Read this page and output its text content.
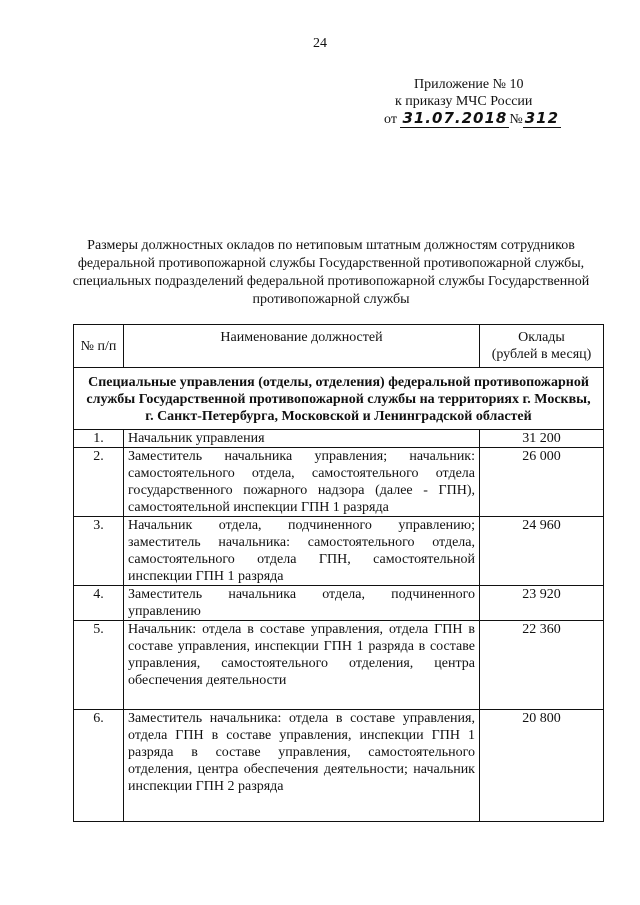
24
Приложение № 10
к приказу МЧС России
от 31.07.2018 № 312
Размеры должностных окладов по нетиповым штатным должностям сотрудников федеральной противопожарной службы Государственной противопожарной службы, специальных подразделений федеральной противопожарной службы Государственной противопожарной службы
№ п/п	Наименование должностей	Оклады
(рублей в месяц)

Специальные управления (отделы, отделения) федеральной противопожарной службы Государственной противопожарной службы на территориях г. Москвы, г. Санкт-Петербурга, Московской и Ленинградской областей		
1.	Начальник управления	31 200
2.	Заместитель начальника управления; начальник: самостоятельного отдела, самостоятельного отдела государственного пожарного надзора (далее - ГПН), самостоятельной инспекции ГПН 1 разряда	26 000
3.	Начальник отдела, подчиненного управлению; заместитель начальника: самостоятельного отдела, самостоятельного отдела ГПН, самостоятельной инспекции ГПН 1 разряда	24 960
4.	Заместитель начальника отдела, подчиненного управлению	23 920
5.	Начальник: отдела в составе управления, отдела ГПН в составе управления, инспекции ГПН 1 разряда в составе управления, самостоятельного отделения, центра обеспечения деятельности	22 360
6.	Заместитель начальника: отдела в составе управления, отдела ГПН в составе управления, инспекции ГПН 1 разряда в составе управления, самостоятельного отделения, центра обеспечения деятельности; начальник инспекции ГПН 2 разряда	20 800
